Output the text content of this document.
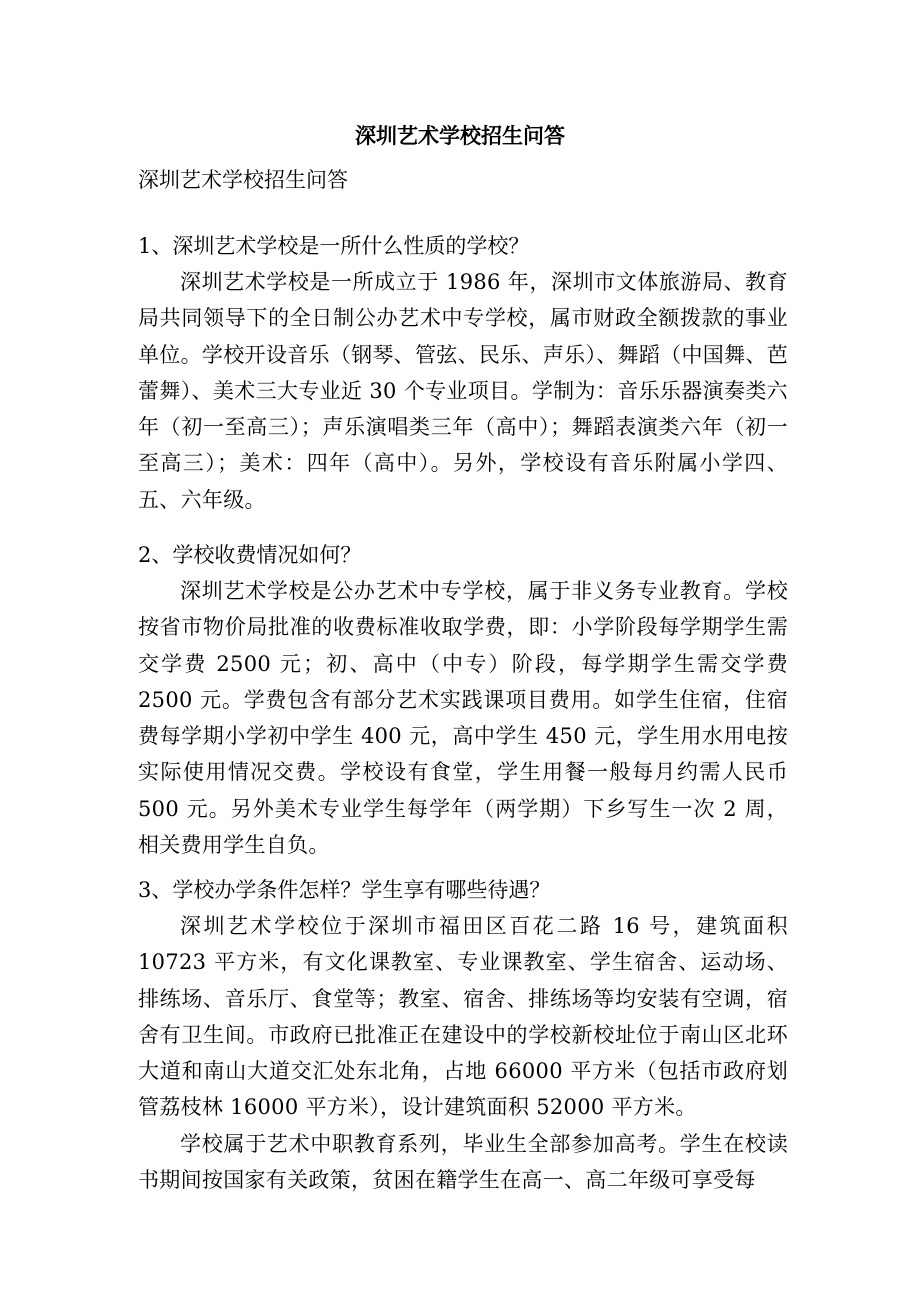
深圳艺术学校招生问答
深圳艺术学校招生问答
1、深圳艺术学校是一所什么性质的学校？

深圳艺术学校是一所成立于 1986 年，深圳市文体旅游局、教育局共同领导下的全日制公办艺术中专学校，属市财政全额拨款的事业单位。学校开设音乐（钢琴、管弦、民乐、声乐）、舞蹈（中国舞、芭蕾舞）、美术三大专业近 30 个专业项目。学制为：音乐乐器演奏类六年（初一至高三）；声乐演唱类三年（高中）；舞蹈表演类六年（初一至高三）；美术：四年（高中）。另外，学校设有音乐附属小学四、五、六年级。

2、学校收费情况如何？

深圳艺术学校是公办艺术中专学校，属于非义务专业教育。学校按省市物价局批准的收费标准收取学费，即：小学阶段每学期学生需交学费 2500 元；初、高中（中专）阶段，每学期学生需交学费 2500 元。学费包含有部分艺术实践课项目费用。如学生住宿，住宿费每学期小学初中学生 400 元，高中学生 450 元，学生用水用电按实际使用情况交费。学校设有食堂，学生用餐一般每月约需人民币 500 元。另外美术专业学生每学年（两学期）下乡写生一次 2 周，相关费用学生自负。

3、学校办学条件怎样？学生享有哪些待遇？

深圳艺术学校位于深圳市福田区百花二路 16 号，建筑面积 10723 平方米，有文化课教室、专业课教室、学生宿舍、运动场、排练场、音乐厅、食堂等；教室、宿舍、排练场等均安装有空调，宿舍有卫生间。市政府已批准正在建设中的学校新校址位于南山区北环大道和南山大道交汇处东北角，占地 66000 平方米（包括市政府划管荔枝林 16000 平方米），设计建筑面积 52000 平方米。

学校属于艺术中职教育系列，毕业生全部参加高考。学生在校读书期间按国家有关政策，贫困在籍学生在高一、高二年级可享受每
